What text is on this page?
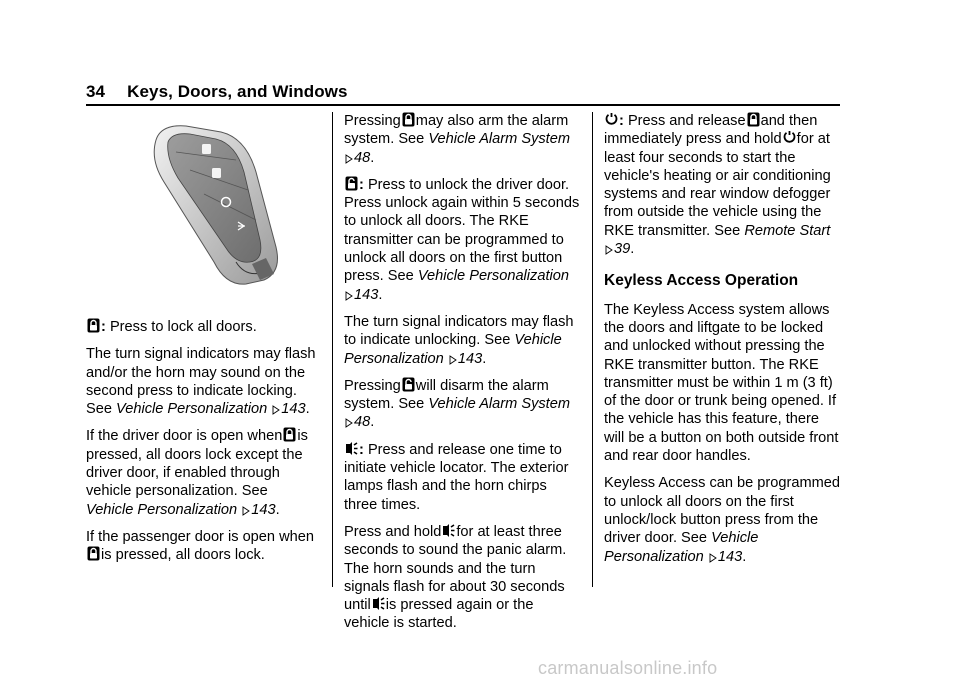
34 Keys, Doors, and Windows

: Press to lock all doors.

The turn signal indicators may flash and/or the horn may sound on the second press to indicate locking. See Vehicle Personalization 143.

If the driver door is open when is pressed, all doors lock except the driver door, if enabled through vehicle personalization. See Vehicle Personalization 143.

If the passenger door is open when
is pressed, all doors lock.

Pressing may also arm the alarm system. See Vehicle Alarm System

48.

: Press to unlock the driver door. Press unlock again within 5 seconds to unlock all doors. The RKE transmitter can be programmed to unlock all doors on the first button press. See Vehicle Personalization

143.

The turn signal indicators may flash to indicate unlocking. See Vehicle Personalization 143.

Pressing will disarm the alarm system. See Vehicle Alarm System

48.

: Press and release one time to initiate vehicle locator. The exterior lamps flash and the horn chirps three times.

Press and hold for at least three seconds to sound the panic alarm. The horn sounds and the turn signals flash for about 30 seconds until is pressed again or the vehicle is started.

: Press and release and then immediately press and hold for at least four seconds to start the vehicle's heating or air conditioning systems and rear window defogger from outside the vehicle using the RKE transmitter. See Remote Start

39.

Keyless Access Operation

The Keyless Access system allows the doors and liftgate to be locked and unlocked without pressing the RKE transmitter button. The RKE transmitter must be within 1 m (3 ft) of the door or trunk being opened. If the vehicle has this feature, there will be a button on both outside front and rear door handles.

Keyless Access can be programmed to unlock all doors on the first unlock/lock button press from the driver door. See Vehicle Personalization 143.

carmanualsonline.info
